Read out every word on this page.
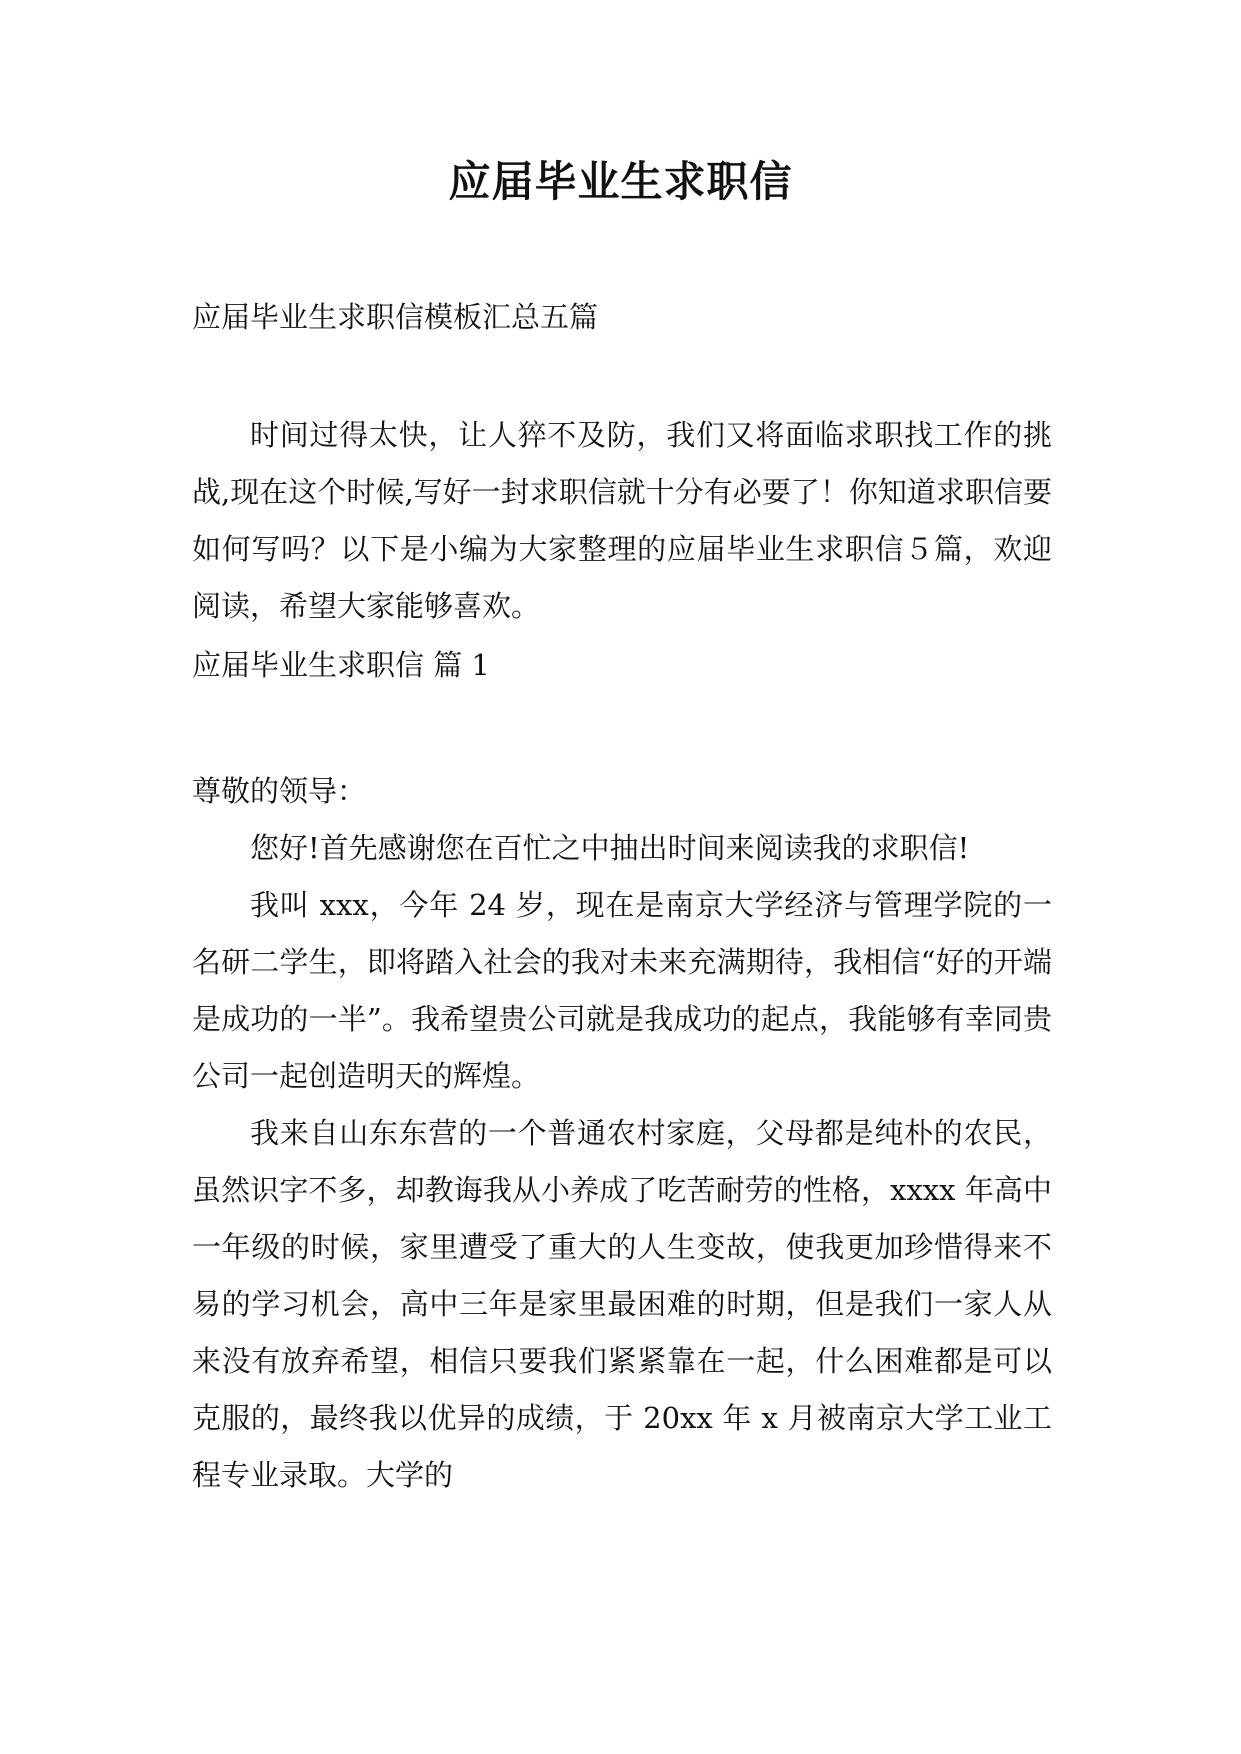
应届毕业生求职信
应届毕业生求职信模板汇总五篇

时间过得太快，让人猝不及防，我们又将面临求职找工作的挑战,现在这个时候,写好一封求职信就十分有必要了！你知道求职信要如何写吗？以下是小编为大家整理的应届毕业生求职信５篇，欢迎阅读，希望大家能够喜欢。

应届毕业生求职信 篇 1
尊敬的领导：

您好!首先感谢您在百忙之中抽出时间来阅读我的求职信!

我叫 xxx，今年 24 岁，现在是南京大学经济与管理学院的一名研二学生，即将踏入社会的我对未来充满期待，我相信“好的开端是成功的一半”。我希望贵公司就是我成功的起点，我能够有幸同贵公司一起创造明天的辉煌。

我来自山东东营的一个普通农村家庭，父母都是纯朴的农民，虽然识字不多，却教诲我从小养成了吃苦耐劳的性格，xxxx 年高中一年级的时候，家里遭受了重大的人生变故，使我更加珍惜得来不易的学习机会，高中三年是家里最困难的时期，但是我们一家人从来没有放弃希望，相信只要我们紧紧靠在一起，什么困难都是可以克服的，最终我以优异的成绩，于 20xx 年 x 月被南京大学工业工程专业录取。大学的
